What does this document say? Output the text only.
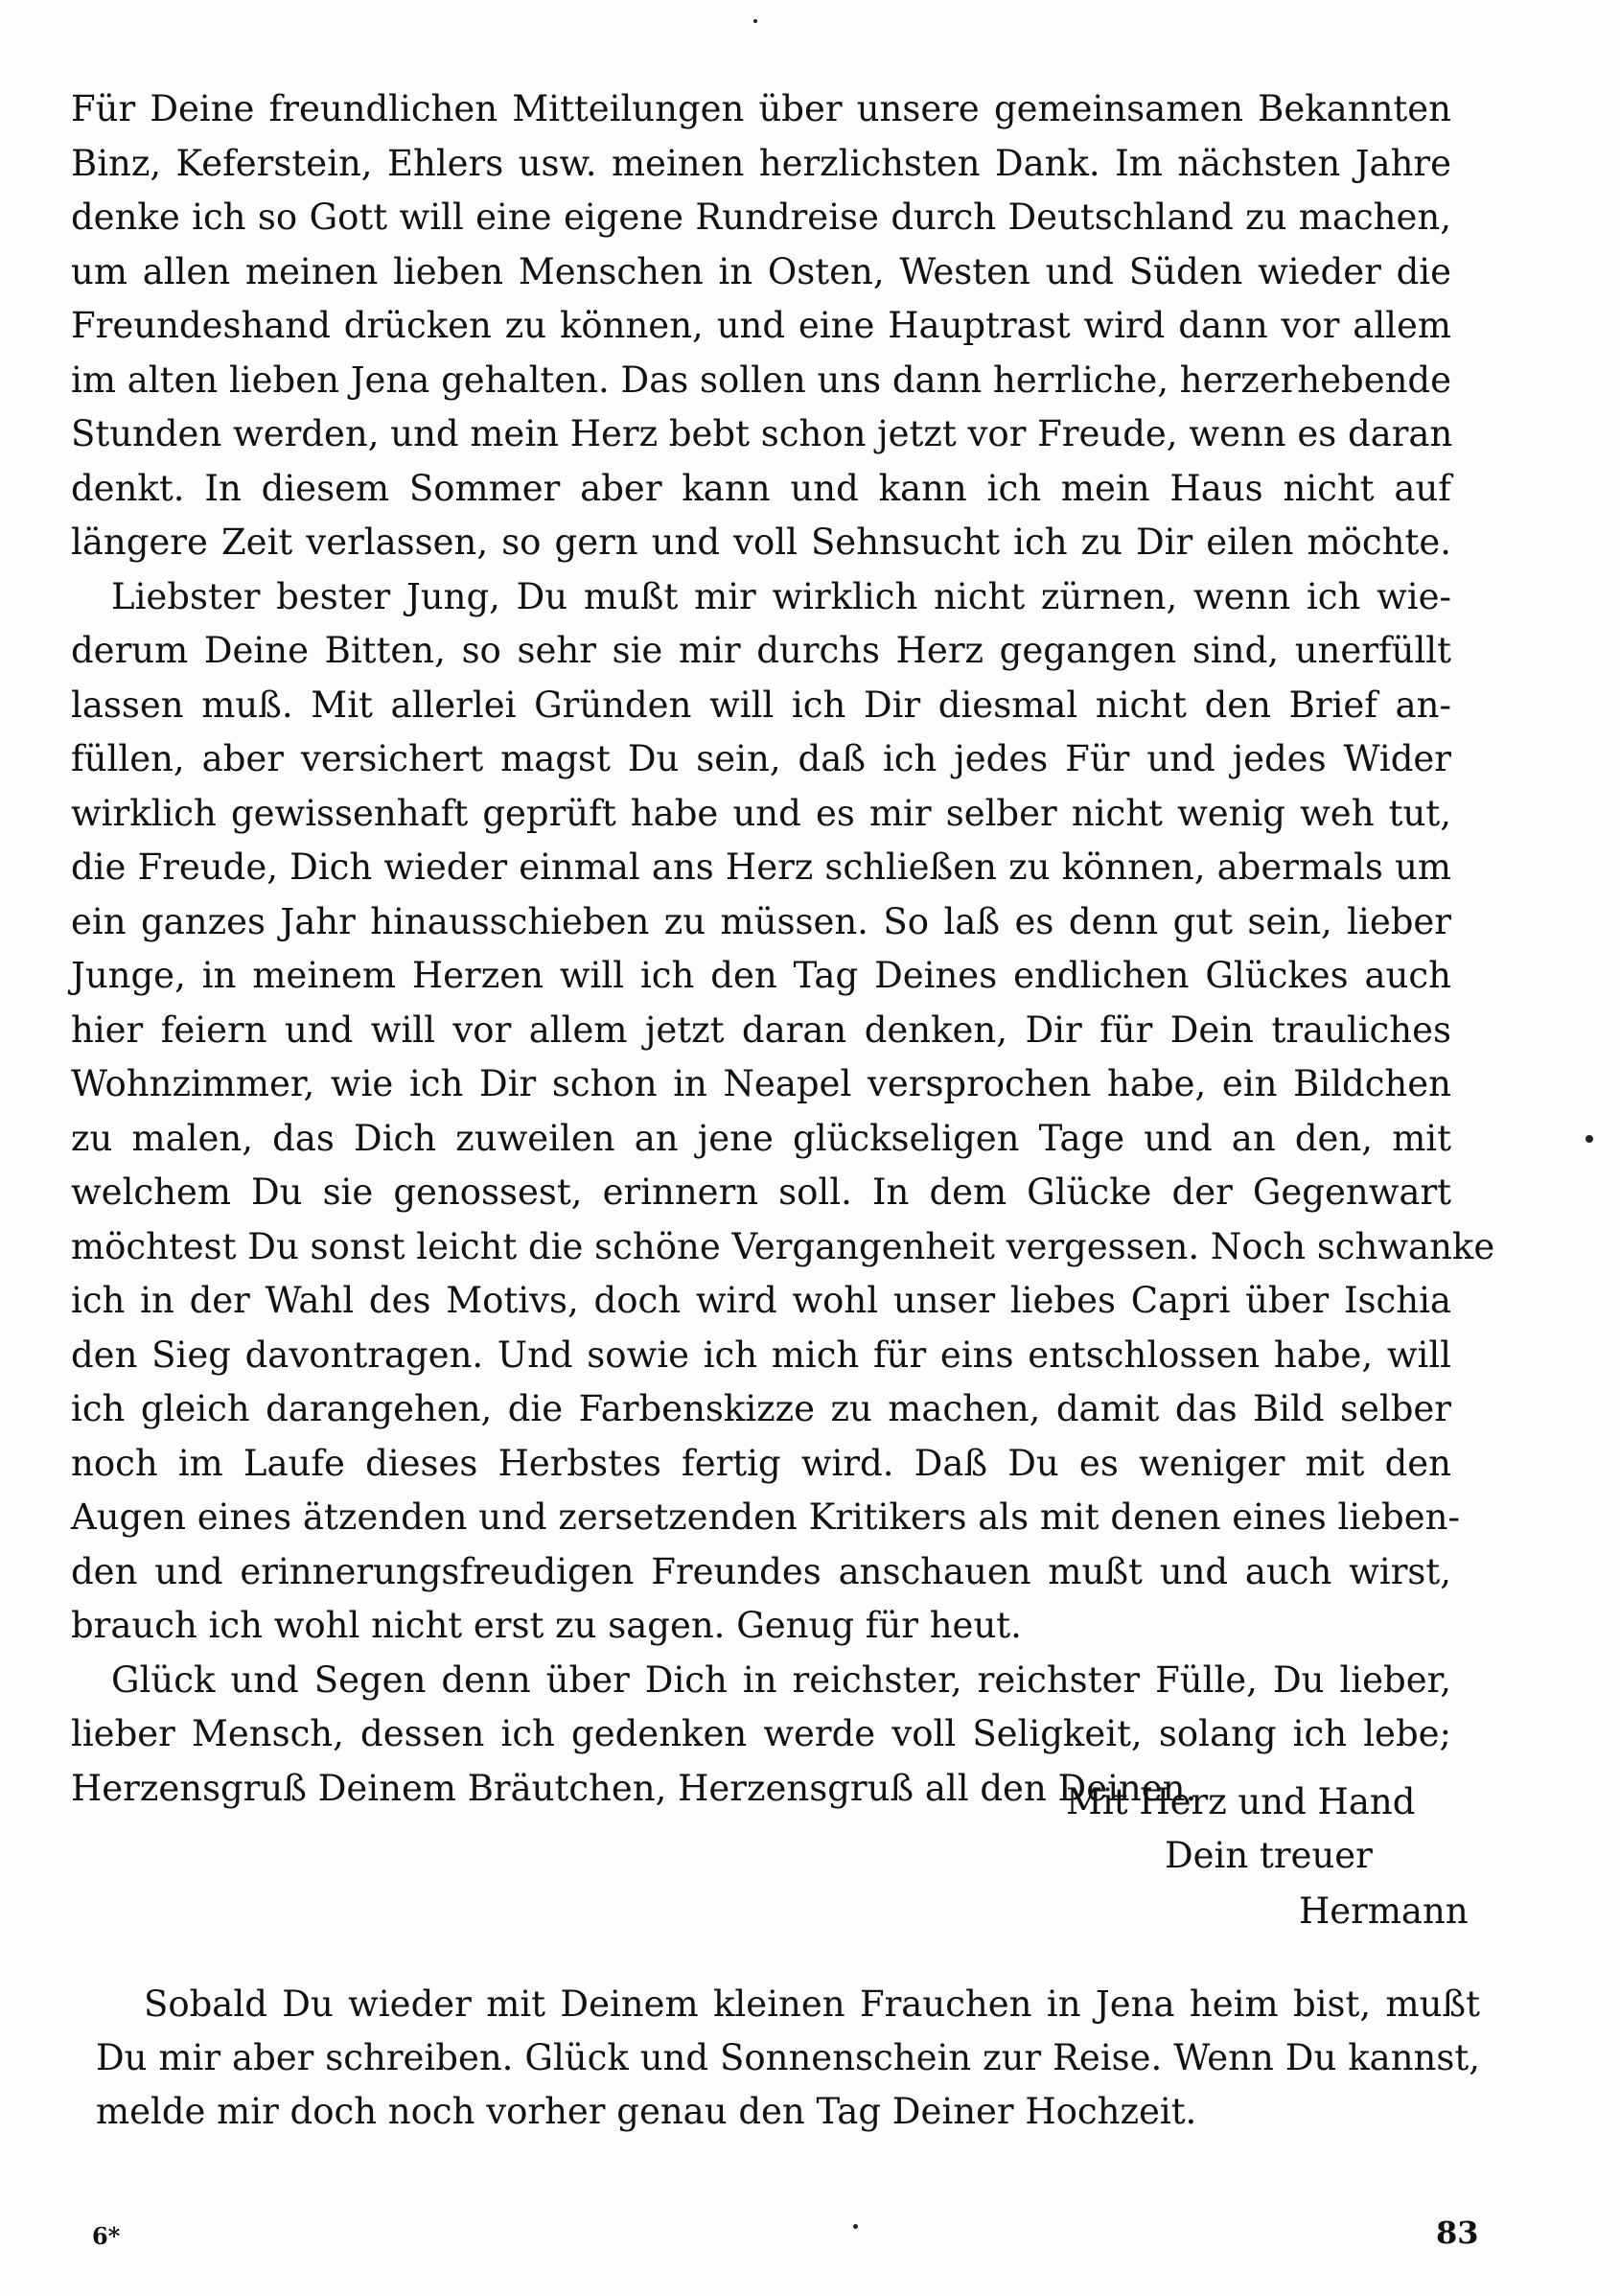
Für Deine freundlichen Mitteilungen über unsere gemeinsamen Bekannten
Binz, Keferstein, Ehlers usw. meinen herzlichsten Dank. Im nächsten Jahre
denke ich so Gott will eine eigene Rundreise durch Deutschland zu machen,
um allen meinen lieben Menschen in Osten, Westen und Süden wieder die
Freundeshand drücken zu können, und eine Hauptrast wird dann vor allem
im alten lieben Jena gehalten. Das sollen uns dann herrliche, herzerhebende
Stunden werden, und mein Herz bebt schon jetzt vor Freude, wenn es daran
denkt. In diesem Sommer aber kann und kann ich mein Haus nicht auf
längere Zeit verlassen, so gern und voll Sehnsucht ich zu Dir eilen möchte.
Liebster bester Jung, Du mußt mir wirklich nicht zürnen, wenn ich wie-
derum Deine Bitten, so sehr sie mir durchs Herz gegangen sind, unerfüllt
lassen muß. Mit allerlei Gründen will ich Dir diesmal nicht den Brief an-
füllen, aber versichert magst Du sein, daß ich jedes Für und jedes Wider
wirklich gewissenhaft geprüft habe und es mir selber nicht wenig weh tut,
die Freude, Dich wieder einmal ans Herz schließen zu können, abermals um
ein ganzes Jahr hinausschieben zu müssen. So laß es denn gut sein, lieber
Junge, in meinem Herzen will ich den Tag Deines endlichen Glückes auch
hier feiern und will vor allem jetzt daran denken, Dir für Dein trauliches
Wohnzimmer, wie ich Dir schon in Neapel versprochen habe, ein Bildchen
zu malen, das Dich zuweilen an jene glückseligen Tage und an den, mit
welchem Du sie genossest, erinnern soll. In dem Glücke der Gegenwart
möchtest Du sonst leicht die schöne Vergangenheit vergessen. Noch schwanke
ich in der Wahl des Motivs, doch wird wohl unser liebes Capri über Ischia
den Sieg davontragen. Und sowie ich mich für eins entschlossen habe, will
ich gleich darangehen, die Farbenskizze zu machen, damit das Bild selber
noch im Laufe dieses Herbstes fertig wird. Daß Du es weniger mit den
Augen eines ätzenden und zersetzenden Kritikers als mit denen eines lieben-
den und erinnerungsfreudigen Freundes anschauen mußt und auch wirst,
brauch ich wohl nicht erst zu sagen. Genug für heut.
Glück und Segen denn über Dich in reichster, reichster Fülle, Du lieber,
lieber Mensch, dessen ich gedenken werde voll Seligkeit, solang ich lebe;
Herzensgruß Deinem Bräutchen, Herzensgruß all den Deinen.
Mit Herz und Hand
Dein treuer
Hermann
Sobald Du wieder mit Deinem kleinen Frauchen in Jena heim bist, mußt
Du mir aber schreiben. Glück und Sonnenschein zur Reise. Wenn Du kannst,
melde mir doch noch vorher genau den Tag Deiner Hochzeit.
6*	83
